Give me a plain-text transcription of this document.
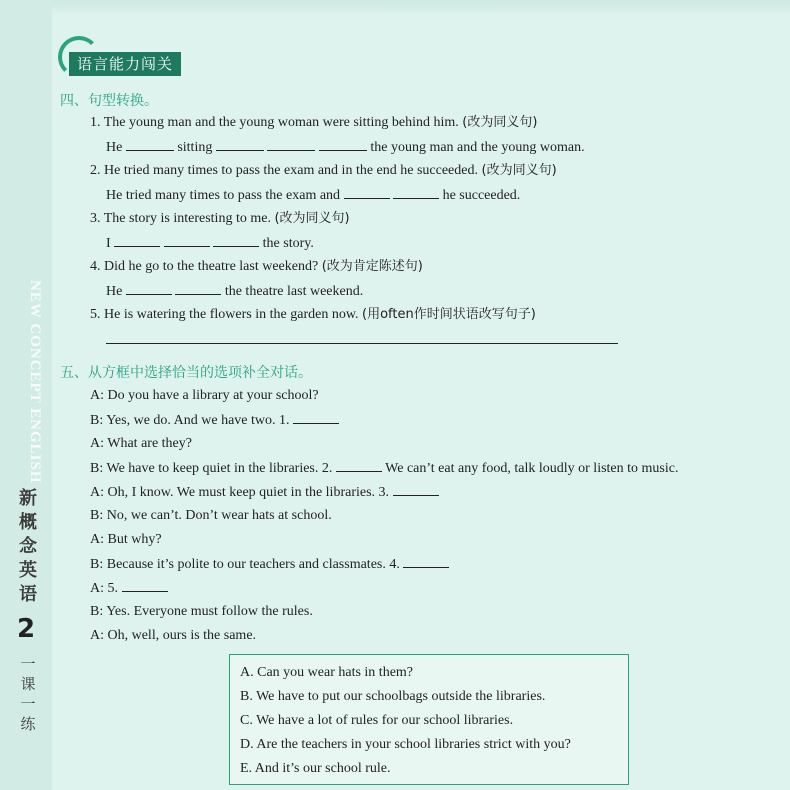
NEW CONCEPT ENGLISH
新概念英语
2
一课一练
语言能力闯关
四、句型转换。
1. The young man and the young woman were sitting behind him. (改为同义句)
He	sitting	the young man and the young woman.
2. He tried many times to pass the exam and in the end he succeeded. (改为同义句)
He tried many times to pass the exam and	he succeeded.
3. The story is interesting to me. (改为同义句)
I	the story.
4. Did he go to the theatre last weekend? (改为肯定陈述句)
He	the theatre last weekend.
5. He is watering the flowers in the garden now. (用often作时间状语改写句子)
五、从方框中选择恰当的选项补全对话。
A: Do you have a library at your school?
B: Yes, we do. And we have two. 1.
A: What are they?
B: We have to keep quiet in the libraries. 2.	We can’t eat any food, talk loudly or listen to music.
A: Oh, I know. We must keep quiet in the libraries. 3.
B: No, we can’t. Don’t wear hats at school.
A: But why?
B: Because it’s polite to our teachers and classmates. 4.
A: 5.
B: Yes. Everyone must follow the rules.
A: Oh, well, ours is the same.
A. Can you wear hats in them?
B. We have to put our schoolbags outside the libraries.
C. We have a lot of rules for our school libraries.
D. Are the teachers in your school libraries strict with you?
E. And it’s our school rule.
